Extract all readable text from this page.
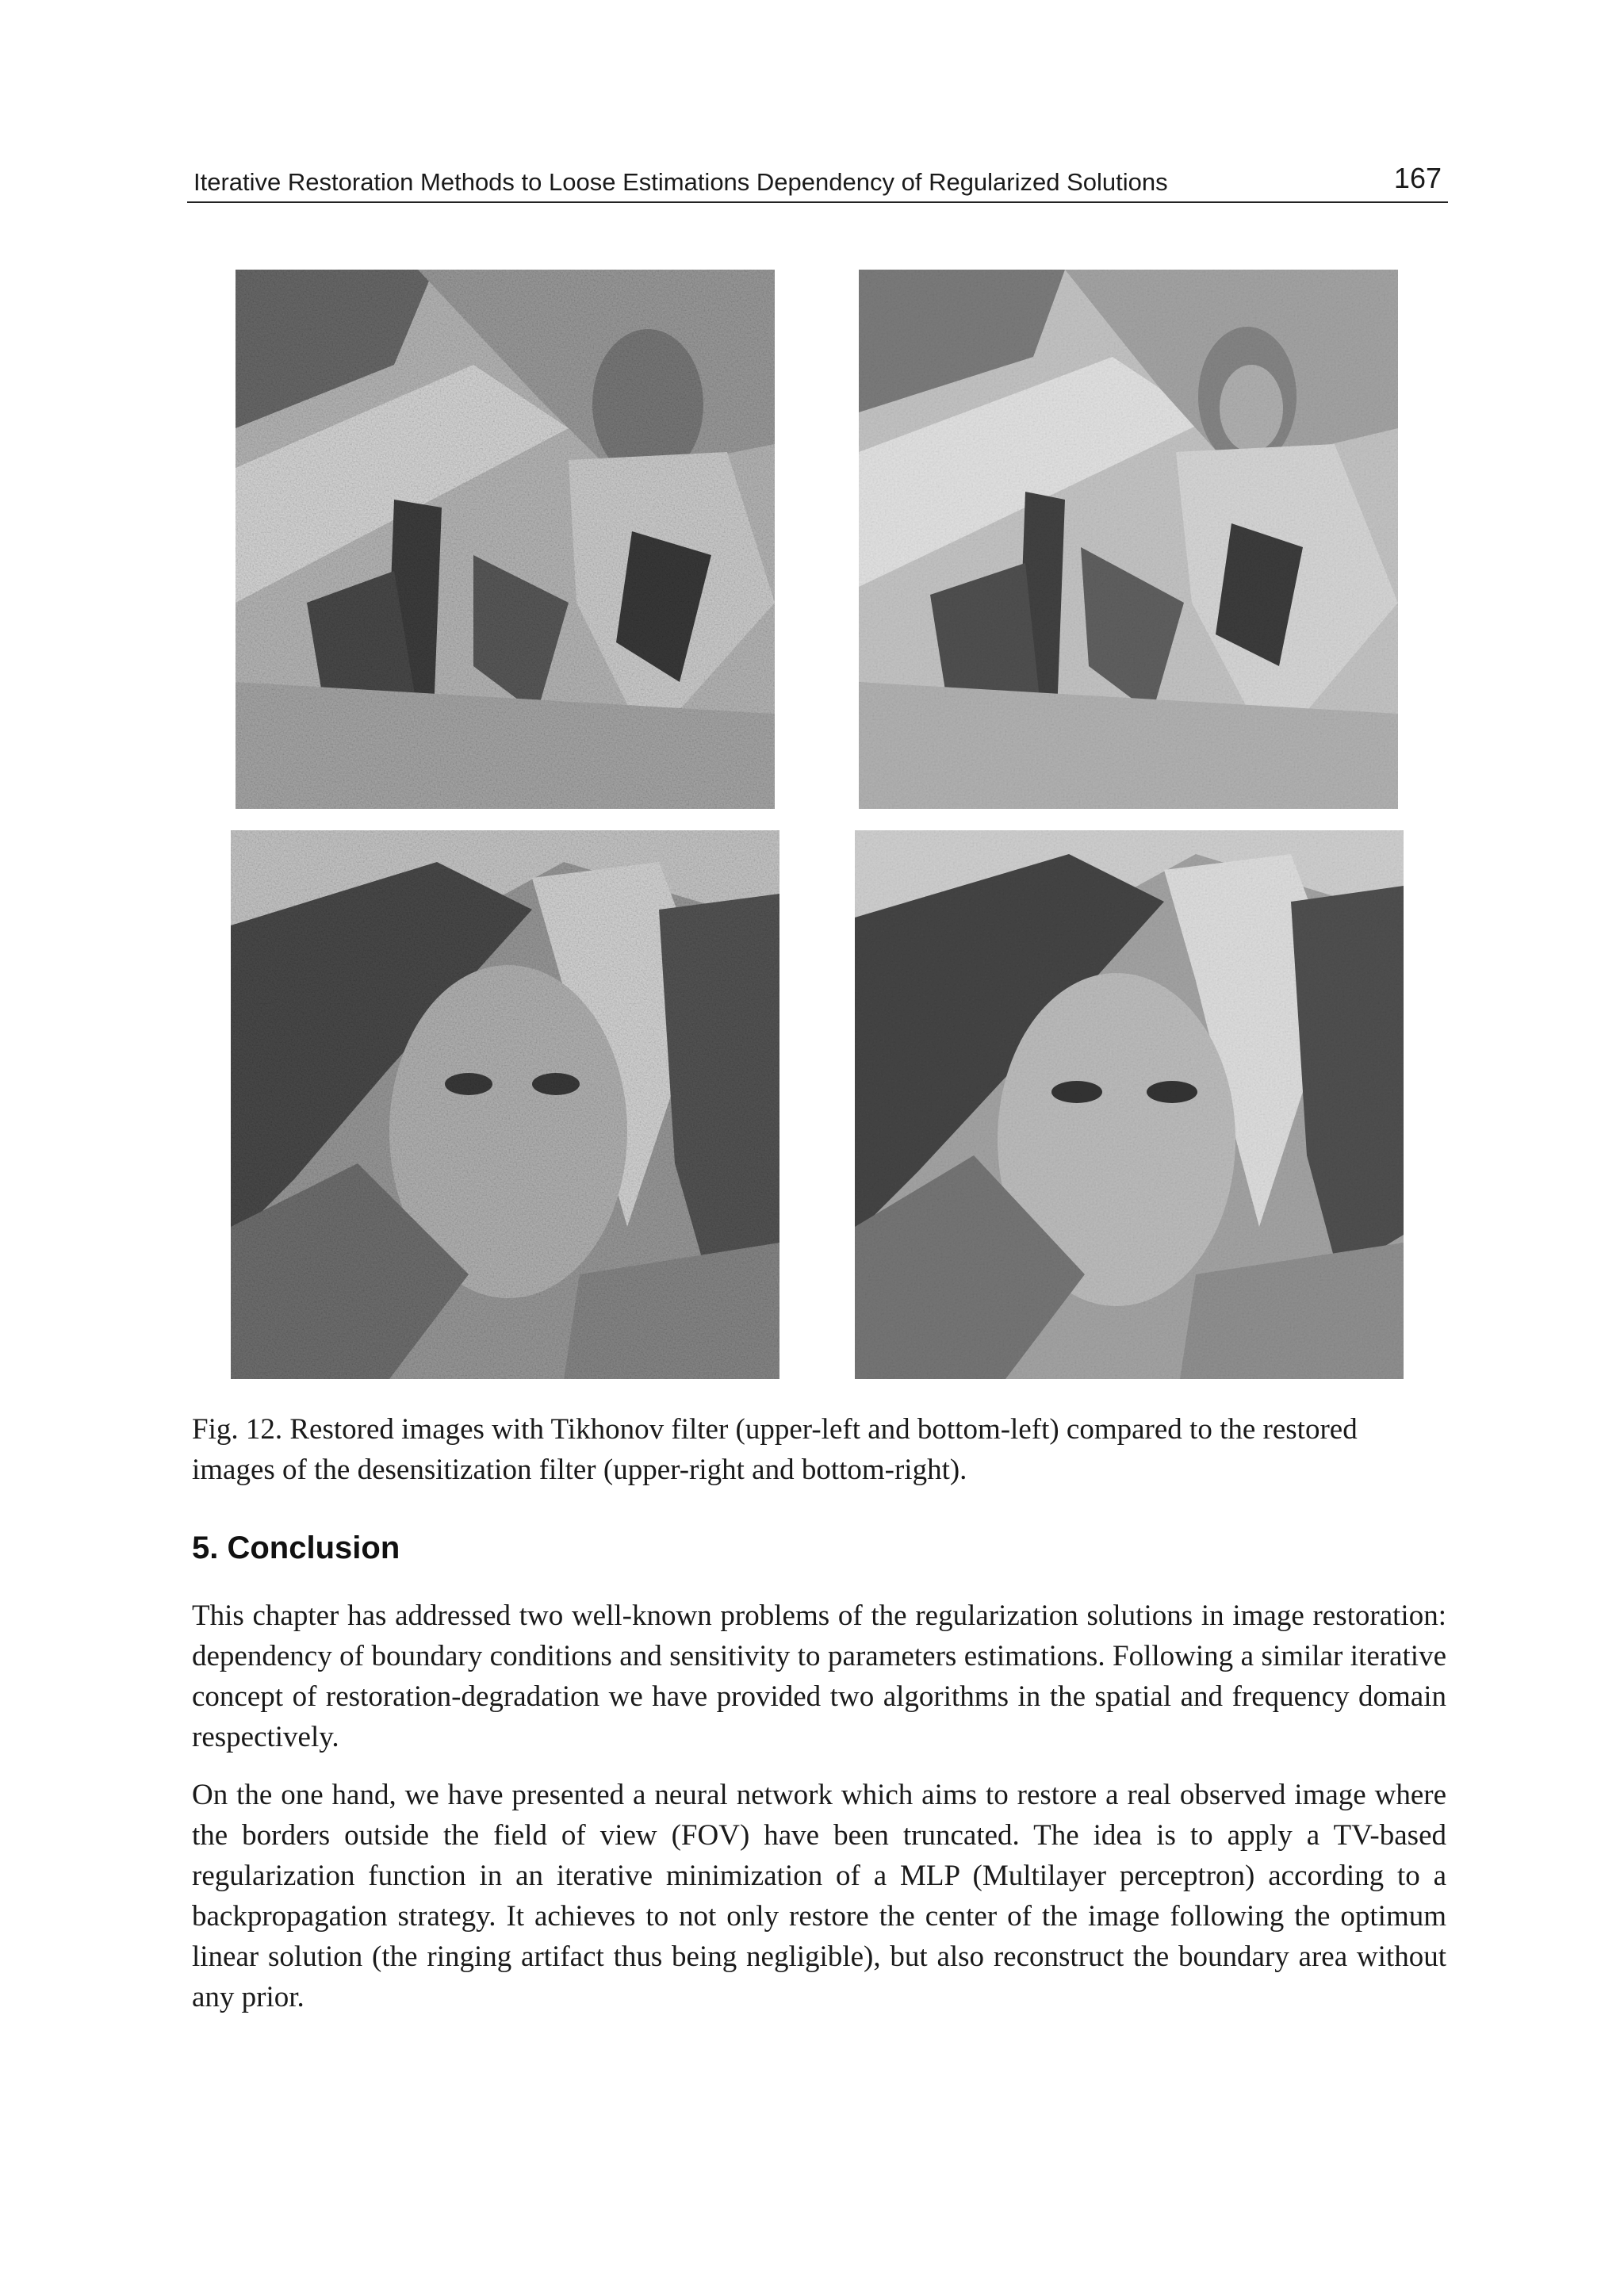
Iterative Restoration Methods to Loose Estimations Dependency of Regularized Solutions	167
Fig. 12. Restored images with Tikhonov filter (upper-left and bottom-left) compared to the restored images of the desensitization filter (upper-right and bottom-right).
5. Conclusion

This chapter has addressed two well-known problems of the regularization solutions in image restoration: dependency of boundary conditions and sensitivity to parameters estimations. Following a similar iterative concept of restoration-degradation we have provided two algorithms in the spatial and frequency domain respectively.

On the one hand, we have presented a neural network which aims to restore a real observed image where the borders outside the field of view (FOV) have been truncated. The idea is to apply a TV-based regularization function in an iterative minimization of a MLP (Multilayer perceptron) according to a backpropagation strategy. It achieves to not only restore the center of the image following the optimum linear solution (the ringing artifact thus being negligible), but also reconstruct the boundary area without any prior.
